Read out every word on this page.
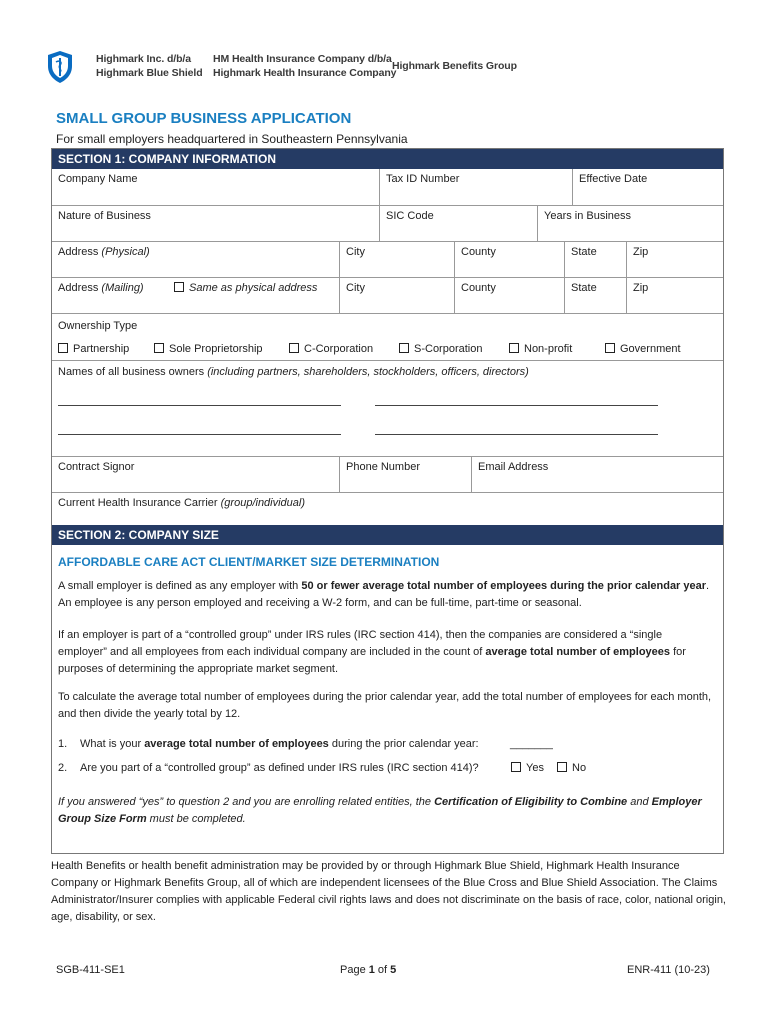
Highmark Inc. d/b/a
Highmark Blue Shield
HM Health Insurance Company d/b/a
Highmark Health Insurance Company
Highmark Benefits Group
SMALL GROUP BUSINESS APPLICATION
For small employers headquartered in Southeastern Pennsylvania
SECTION 1: COMPANY INFORMATION
Company Name	Tax ID Number	Effective Date
Nature of Business	SIC Code	Years in Business
Address (Physical)	City	County	State	Zip
Address (Mailing)	Same as physical address	City	County	State	Zip
Ownership Type
Partnership	Sole Proprietorship	C-Corporation	S-Corporation	Non-profit	Government
Names of all business owners (including partners, shareholders, stockholders, officers, directors)
Contract Signor	Phone Number	Email Address
Current Health Insurance Carrier (group/individual)
SECTION 2: COMPANY SIZE
AFFORDABLE CARE ACT CLIENT/MARKET SIZE DETERMINATION
A small employer is defined as any employer with 50 or fewer average total number of employees during the prior calendar year. An employee is any person employed and receiving a W-2 form, and can be full-time, part-time or seasonal.
If an employer is part of a “controlled group” under IRS rules (IRC section 414), then the companies are considered a “single employer” and all employees from each individual company are included in the count of average total number of employees for purposes of determining the appropriate market segment.
To calculate the average total number of employees during the prior calendar year, add the total number of employees for each month, and then divide the yearly total by 12.
1. What is your average total number of employees during the prior calendar year:	_______
2. Are you part of a “controlled group” as defined under IRS rules (IRC section 414)?	Yes	No
If you answered “yes” to question 2 and you are enrolling related entities, the Certification of Eligibility to Combine and Employer Group Size Form must be completed.
Health Benefits or health benefit administration may be provided by or through Highmark Blue Shield, Highmark Health Insurance Company or Highmark Benefits Group, all of which are independent licensees of the Blue Cross and Blue Shield Association. The Claims Administrator/Insurer complies with applicable Federal civil rights laws and does not discriminate on the basis of race, color, national origin, age, disability, or sex.
SGB-411-SE1	Page 1 of 5	ENR-411 (10-23)
